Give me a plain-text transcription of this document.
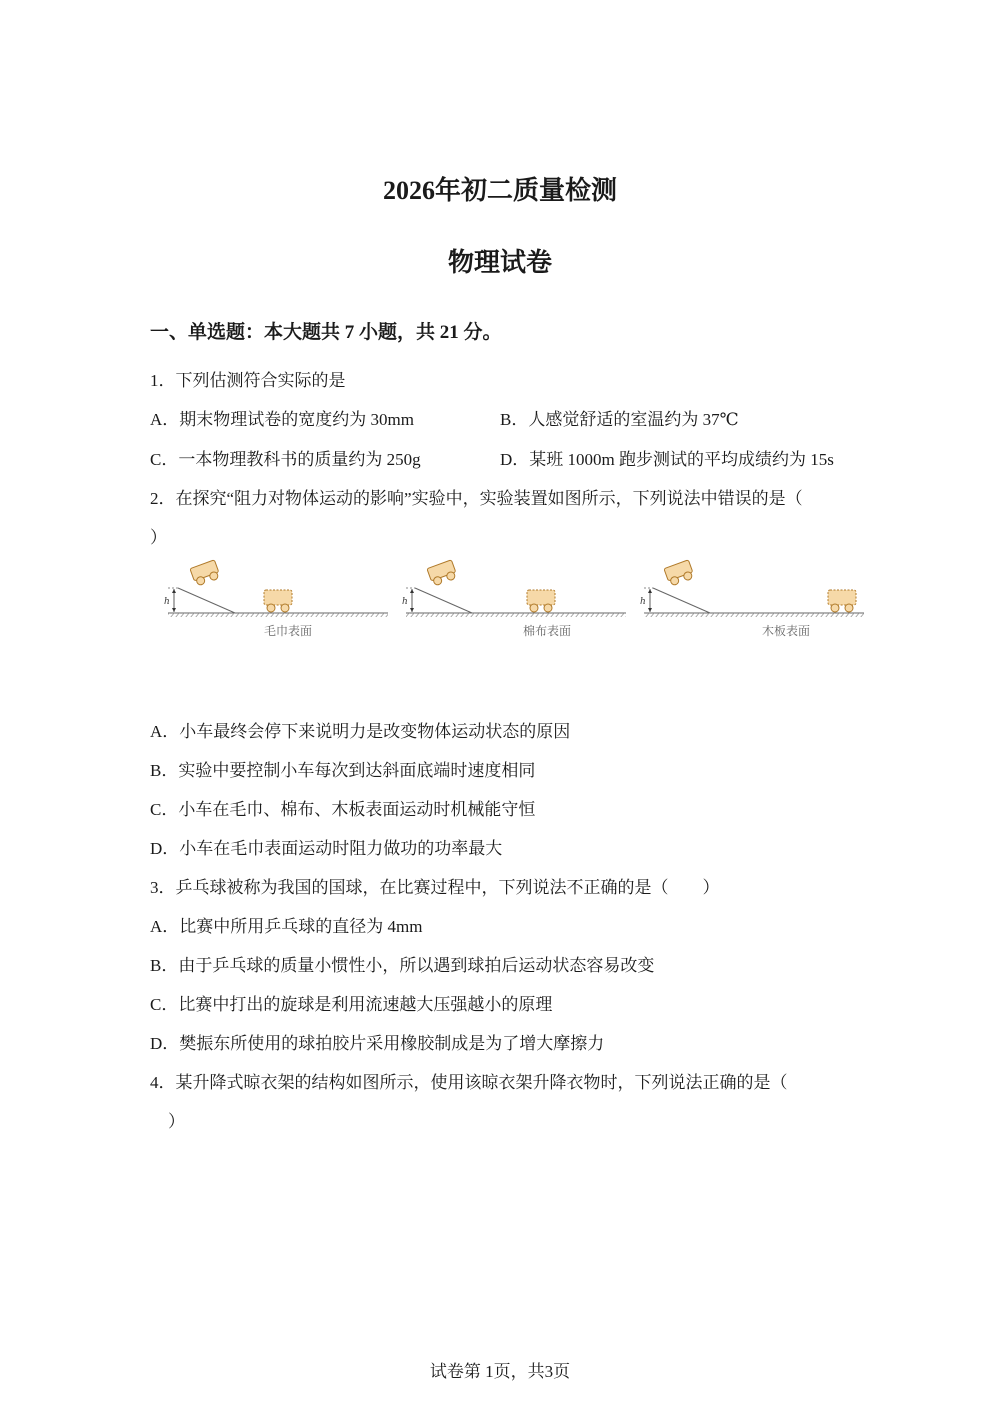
2026年初二质量检测
物理试卷
一、单选题：本大题共 7 小题，共 21 分。
1．下列估测符合实际的是
A．期末物理试卷的宽度约为 30mm	B．人感觉舒适的室温约为 37℃
C．一本物理教科书的质量约为 250g	D．某班 1000m 跑步测试的平均成绩约为 15s
2．在探究“阻力对物体运动的影响”实验中，实验装置如图所示，下列说法中错误的是（
）
h
毛巾表面
h
棉布表面
h
木板表面
A．小车最终会停下来说明力是改变物体运动状态的原因
B．实验中要控制小车每次到达斜面底端时速度相同
C．小车在毛巾、棉布、木板表面运动时机械能守恒
D．小车在毛巾表面运动时阻力做功的功率最大
3．乒乓球被称为我国的国球，在比赛过程中，下列说法不正确的是（　　）
A．比赛中所用乒乓球的直径为 4mm
B．由于乒乓球的质量小惯性小，所以遇到球拍后运动状态容易改变
C．比赛中打出的旋球是利用流速越大压强越小的原理
D．樊振东所使用的球拍胶片采用橡胶制成是为了增大摩擦力
4．某升降式晾衣架的结构如图所示，使用该晾衣架升降衣物时，下列说法正确的是（
）
试卷第 1页，共3页
